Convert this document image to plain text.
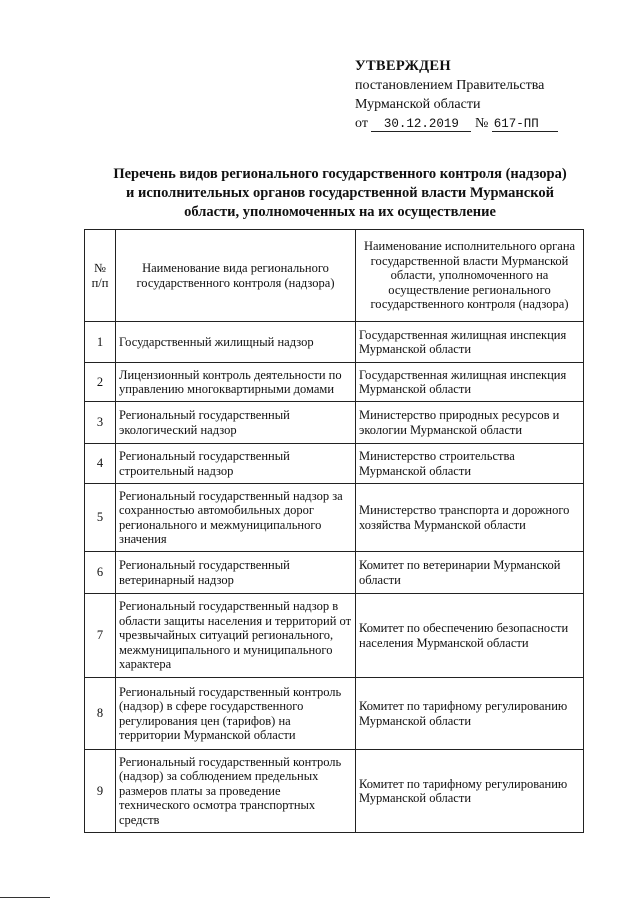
УТВЕРЖДЕН
постановлением Правительства
Мурманской области
от 30.12.2019 № 617-ПП
Перечень видов регионального государственного контроля (надзора)
и исполнительных органов государственной власти Мурманской
области, уполномоченных на их осуществление
№ п/п	Наименование вида регионального государственного контроля (надзора)	Наименование исполнительного органа государственной власти Мурманской области, уполномоченного на осуществление регионального государственного контроля (надзора)
1	Государственный жилищный надзор	Государственная жилищная инспекция Мурманской области
2	Лицензионный контроль деятельности по управлению многоквартирными домами	Государственная жилищная инспекция Мурманской области
3	Региональный государственный экологический надзор	Министерство природных ресурсов и экологии Мурманской области
4	Региональный государственный строительный надзор	Министерство строительства Мурманской области
5	Региональный государственный надзор за сохранностью автомобильных дорог регионального и межмуниципального значения	Министерство транспорта и дорожного хозяйства Мурманской области
6	Региональный государственный ветеринарный надзор	Комитет по ветеринарии Мурманской области
7	Региональный государственный надзор в области защиты населения и территорий от чрезвычайных ситуаций регионального, межмуниципального и муниципального характера	Комитет по обеспечению безопасности населения Мурманской области
8	Региональный государственный контроль (надзор) в сфере государственного регулирования цен (тарифов) на территории Мурманской области	Комитет по тарифному регулированию Мурманской области
9	Региональный государственный контроль (надзор) за соблюдением предельных размеров платы за проведение технического осмотра транспортных средств	Комитет по тарифному регулированию Мурманской области
